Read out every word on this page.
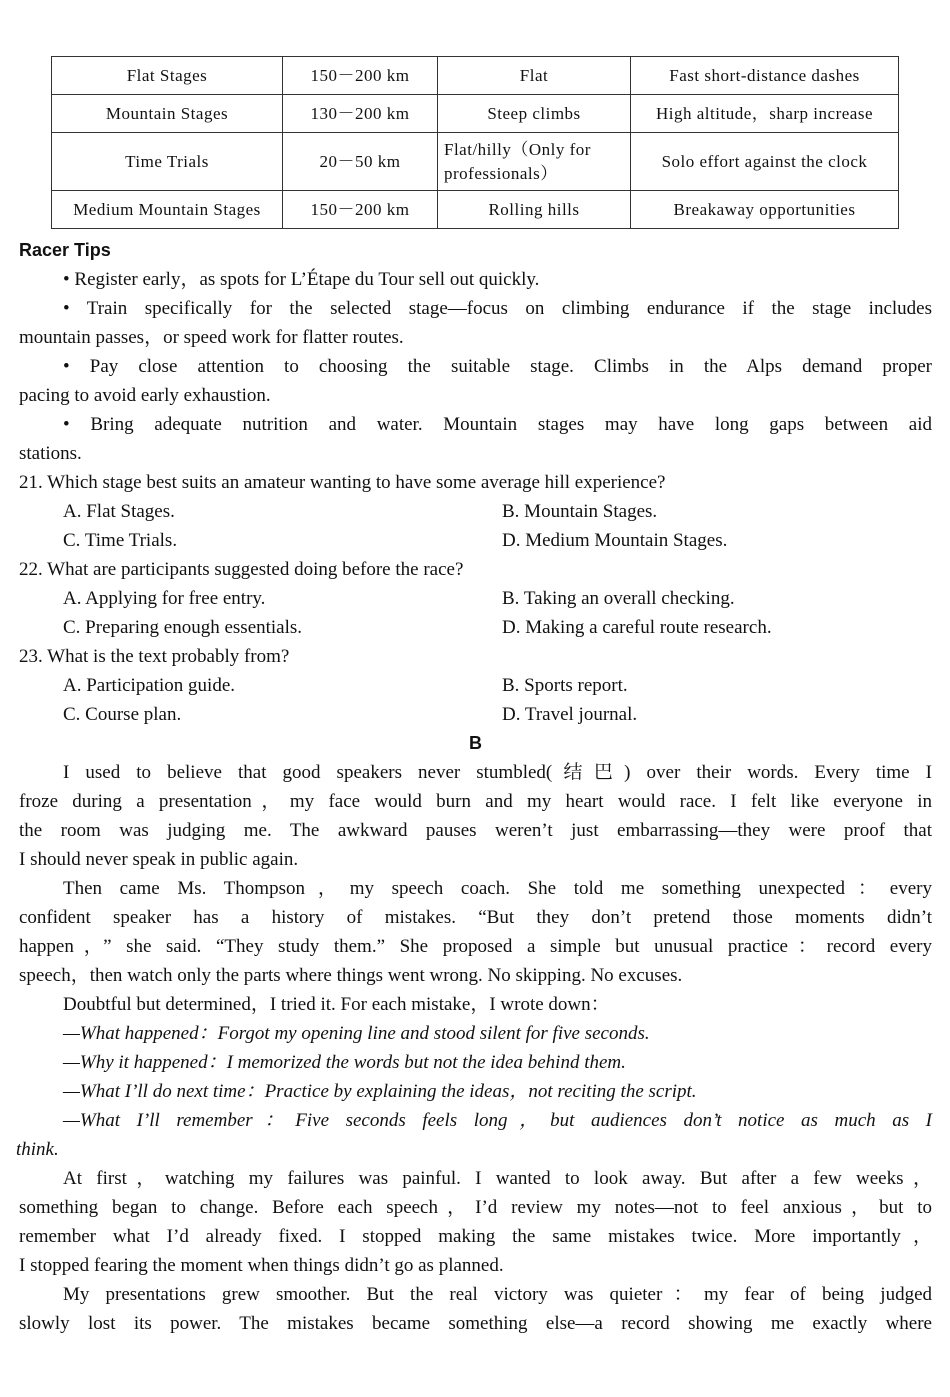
Flat Stages	150－200 km	Flat	Fast short-distance dashes
Mountain Stages	130－200 km	Steep climbs	High altitude，sharp increase
Time Trials	20－50 km	Flat/hilly（Only for professionals）	Solo effort against the clock
Medium Mountain Stages	150－200 km	Rolling hills	Breakaway opportunities
Racer Tips
• Register early，as spots for L’Étape du Tour sell out quickly.
• Train specifically for the selected stage—focus on climbing endurance if the stage includes
mountain passes，or speed work for flatter routes.
• Pay close attention to choosing the suitable stage. Climbs in the Alps demand proper
pacing to avoid early exhaustion.
• Bring adequate nutrition and water. Mountain stages may have long gaps between aid
stations.
21. Which stage best suits an amateur wanting to have some average hill experience?
A. Flat Stages.	B. Mountain Stages.
C. Time Trials.	D. Medium Mountain Stages.
22. What are participants suggested doing before the race?
A. Applying for free entry.	B. Taking an overall checking.
C. Preparing enough essentials.	D. Making a careful route research.
23. What is the text probably from?
A. Participation guide.	B. Sports report.
C. Course plan.	D. Travel journal.
B
I used to believe that good speakers never stumbled(结巴) over their words. Every time I
froze during a presentation，my face would burn and my heart would race. I felt like everyone in
the room was judging me. The awkward pauses weren’t just embarrassing—they were proof that
I should never speak in public again.
Then came Ms. Thompson，my speech coach. She told me something unexpected：every
confident speaker has a history of mistakes. “But they don’t pretend those moments didn’t
happen，” she said. “They study them.” She proposed a simple but unusual practice：record every
speech，then watch only the parts where things went wrong. No skipping. No excuses.
Doubtful but determined，I tried it. For each mistake，I wrote down：
—What happened：Forgot my opening line and stood silent for five seconds.
—Why it happened：I memorized the words but not the idea behind them.
—What I’ll do next time：Practice by explaining the ideas，not reciting the script.
—What I’ll remember：Five seconds feels long，but audiences don’t notice as much as I
think.
At first，watching my failures was painful. I wanted to look away. But after a few weeks，
something began to change. Before each speech，I’d review my notes—not to feel anxious，but to
remember what I’d already fixed. I stopped making the same mistakes twice. More importantly，
I stopped fearing the moment when things didn’t go as planned.
My presentations grew smoother. But the real victory was quieter：my fear of being judged
slowly lost its power. The mistakes became something else—a record showing me exactly where
